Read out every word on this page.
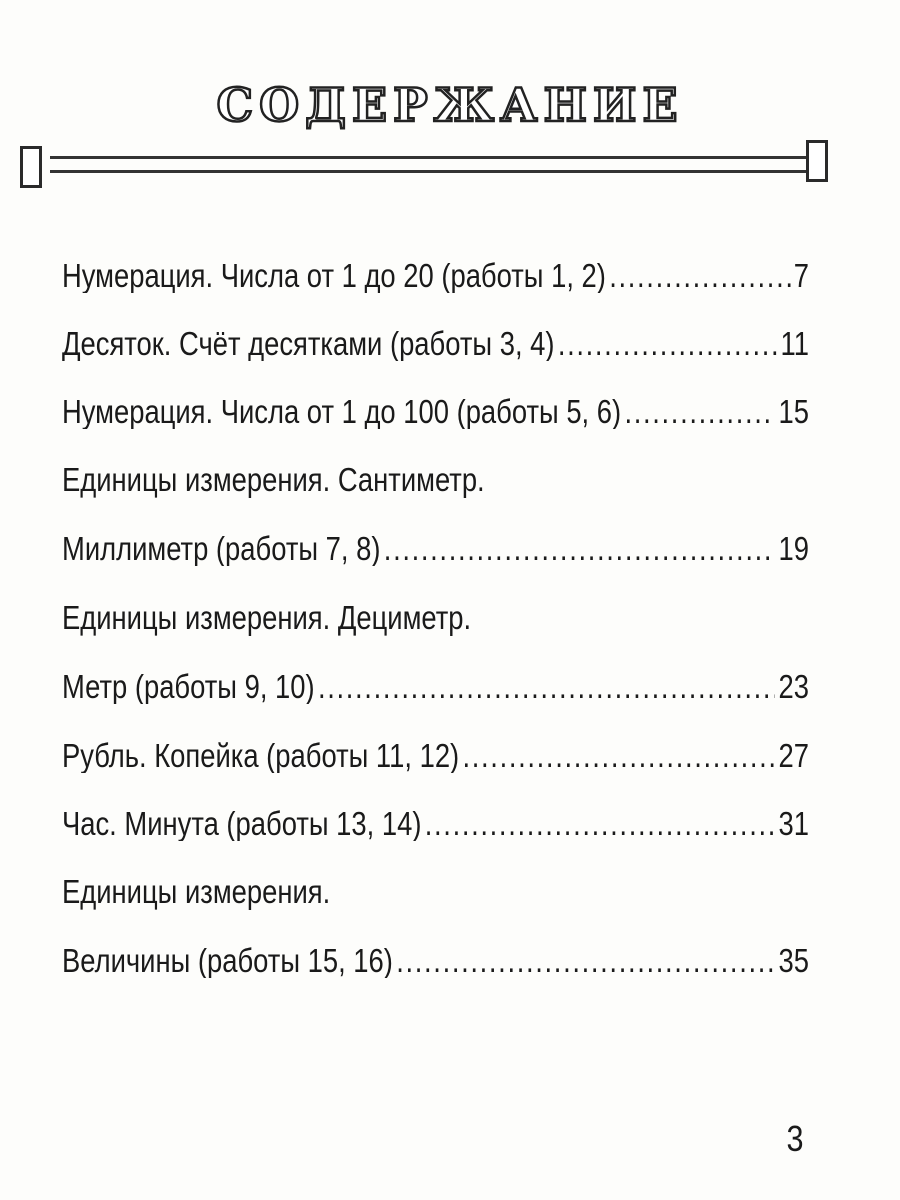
СОДЕРЖАНИЕ
Нумерация. Числа от 1 до 20 (работы 1, 2) .....	7
Десяток. Счёт десятками (работы 3, 4) .....	11
Нумерация. Числа от 1 до 100 (работы 5, 6) .....	15
Единицы измерения. Сантиметр.
Миллиметр (работы 7, 8) .....	19
Единицы измерения. Дециметр.
Метр (работы 9, 10) .....	23
Рубль. Копейка (работы 11, 12) .....	27
Час. Минута (работы 13, 14) .....	31
Единицы измерения.
Величины (работы 15, 16) .....	35
3
